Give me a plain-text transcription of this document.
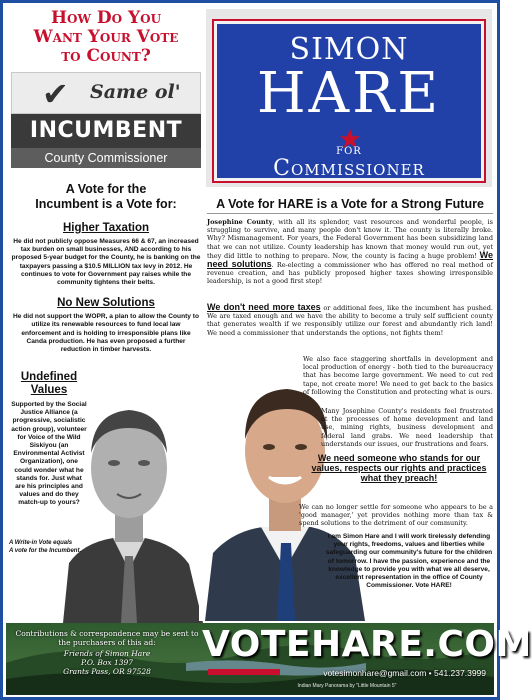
How Do You
Want Your Vote
to Count?
✔ Same ol'
INCUMBENT
County Commissioner
A Vote for the
Incumbent is a Vote for:
Higher Taxation
He did not publicly oppose Measures 66 & 67, an increased tax burden on small businesses, AND according to his proposed 5-year budget for the County, he is banking on the taxpayers passing a $10.5 MILLION tax levy in 2012. He continues to vote for Government pay raises while the community tightens their belts.
No New Solutions
He did not support the WOPR, a plan to allow the County to utilize its renewable resources to fund local law enforcement and is holding to irresponsible plans like Canda production. He has even proposed a further reduction in timber harvests.
Undefined
Values
Supported by the Social Justice Alliance (a progressive, socialistic action group), volunteer for Voice of the Wild Siskiyou (an Environmental Activist Organization), one could wonder what he stands for. Just what are his principles and values and do they match-up to yours?
A Write-in Vote equals
A vote for the Incumbent.
SIMON
HARE
FOR
Commissioner
A Vote for HARE is a Vote for a Strong Future
Josephine County, with all its splendor, vast resources and wonderful people, is struggling to survive, and many people don't know it. The county is literally broke. Why? Mismanagement. For years, the Federal Government has been subsidizing land that we can not utilize. County leadership has known that money would run out, yet they did little to nothing to prepare. Now, the county is facing a huge problem! We need solutions. Re-electing a commissioner who has offered no real method of revenue creation, and has publicly proposed higher taxes showing irresponsible leadership, is not a good first step!
We don't need more taxes or additional fees, like the incumbent has pushed. We are taxed enough and we have the ability to become a truly self sufficient county that generates wealth if we responsibly utilize our forest and abundantly rich land! We need a commissioner that understands the options, not fights them!
We also face staggering shortfalls in development and local production of energy - both tied to the bureaucracy that has become large government. We need to cut red tape, not create more! We need to get back to the basics of following the Constitution and protecting what is ours.
Many Josephine County's residents feel frustrated at the processes of home development and land use, mining rights, business development and federal land grabs. We need leadership that understands our issues, our frustrations and fears.
We need someone who stands for our values, respects our rights and practices what they preach!
We can no longer settle for someone who appears to be a 'good manager,' yet provides nothing more than tax & spend solutions to the detriment of our community.
I am Simon Hare and I will work tirelessly defending your rights, freedoms, values and liberties while safeguarding our community's future for the children of tomorrow. I have the passion, experience and the knowledge to provide you with what we all deserve, excellent representation in the office of County Commissioner. Vote HARE!
Contributions & correspondence may be sent to the purchasers of this ad:
Friends of Simon Hare
P.O. Box 1397
Grants Pass, OR 97528
VOTEHARE.COM
votesimonhare@gmail.com • 541.237.3999
Indian Mary Panorama by "Little Mountain 5"
